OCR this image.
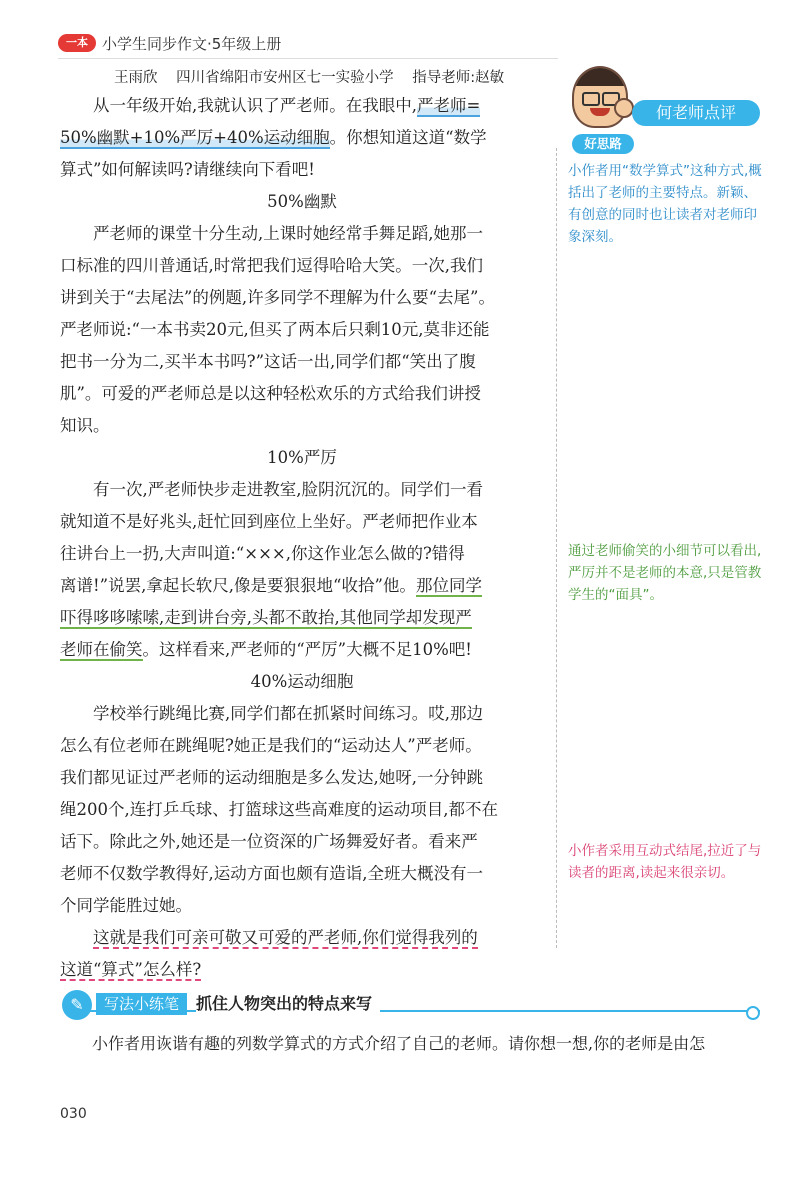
一本 小学生同步作文·5年级上册
王雨欣 四川省绵阳市安州区七一实验小学 指导老师:赵敏
  从一年级开始,我就认识了严老师。在我眼中,严老师=
50%幽默+10%严厉+40%运动细胞。你想知道这道“数学
算式”如何解读吗?请继续向下看吧!
50%幽默
  严老师的课堂十分生动,上课时她经常手舞足蹈,她那一
口标准的四川普通话,时常把我们逗得哈哈大笑。一次,我们
讲到关于“去尾法”的例题,许多同学不理解为什么要“去尾”。
严老师说:“一本书卖20元,但买了两本后只剩10元,莫非还能
把书一分为二,买半本书吗?”这话一出,同学们都“笑出了腹
肌”。可爱的严老师总是以这种轻松欢乐的方式给我们讲授
知识。
10%严厉
  有一次,严老师快步走进教室,脸阴沉沉的。同学们一看
就知道不是好兆头,赶忙回到座位上坐好。严老师把作业本
往讲台上一扔,大声叫道:“×××,你这作业怎么做的?错得
离谱!”说罢,拿起长软尺,像是要狠狠地“收拾”他。那位同学
吓得哆哆嗦嗦,走到讲台旁,头都不敢抬,其他同学却发现严
老师在偷笑。这样看来,严老师的“严厉”大概不足10%吧!
40%运动细胞
  学校举行跳绳比赛,同学们都在抓紧时间练习。哎,那边
怎么有位老师在跳绳呢?她正是我们的“运动达人”严老师。
我们都见证过严老师的运动细胞是多么发达,她呀,一分钟跳
绳200个,连打乒乓球、打篮球这些高难度的运动项目,都不在
话下。除此之外,她还是一位资深的广场舞爱好者。看来严
老师不仅数学教得好,运动方面也颇有造诣,全班大概没有一
个同学能胜过她。
  这就是我们可亲可敬又可爱的严老师,你们觉得我列的
这道“算式”怎么样?
何老师点评
好思路
小作者用“数学算式”这种方式,概括出了老师的主要特点。新颖、有创意的同时也让读者对老师印象深刻。
通过老师偷笑的小细节可以看出,严厉并不是老师的本意,只是管教学生的“面具”。
小作者采用互动式结尾,拉近了与读者的距离,读起来很亲切。
✎	写法小练笔	抓住人物突出的特点来写
小作者用诙谐有趣的列数学算式的方式介绍了自己的老师。请你想一想,你的老师是由怎
030
